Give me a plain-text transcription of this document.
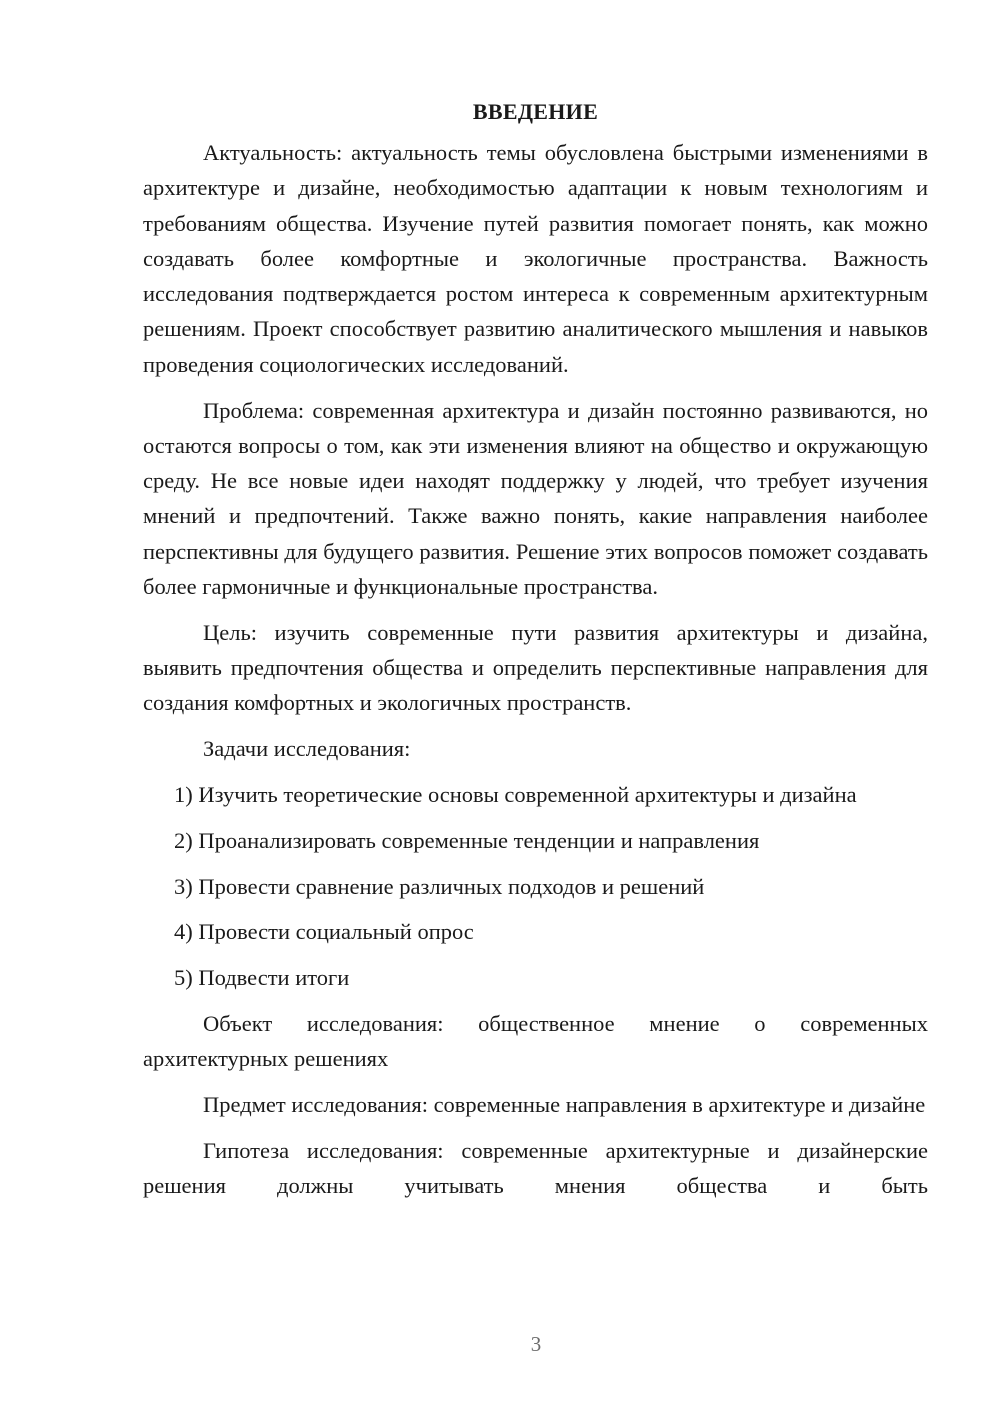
ВВЕДЕНИЕ

Актуальность: актуальность темы обусловлена быстрыми изменениями в архитектуре и дизайне, необходимостью адаптации к новым технологиям и требованиям общества. Изучение путей развития помогает понять, как можно создавать более комфортные и экологичные пространства. Важность исследования подтверждается ростом интереса к современным архитектурным решениям. Проект способствует развитию аналитического мышления и навыков проведения социологических исследований.

Проблема: современная архитектура и дизайн постоянно развиваются, но остаются вопросы о том, как эти изменения влияют на общество и окружающую среду. Не все новые идеи находят поддержку у людей, что требует изучения мнений и предпочтений. Также важно понять, какие направления наиболее перспективны для будущего развития. Решение этих вопросов поможет создавать более гармоничные и функциональные пространства.

Цель: изучить современные пути развития архитектуры и дизайна, выявить предпочтения общества и определить перспективные направления для создания комфортных и экологичных пространств.

Задачи исследования:

1) Изучить теоретические основы современной архитектуры и дизайна
2) Проанализировать современные тенденции и направления
3) Провести сравнение различных подходов и решений
4) Провести социальный опрос
5) Подвести итоги

Объект исследования: общественное мнение о современных архитектурных решениях

Предмет исследования: современные направления в архитектуре и дизайне

Гипотеза исследования: современные архитектурные и дизайнерские решения должны учитывать мнения общества и быть

3
